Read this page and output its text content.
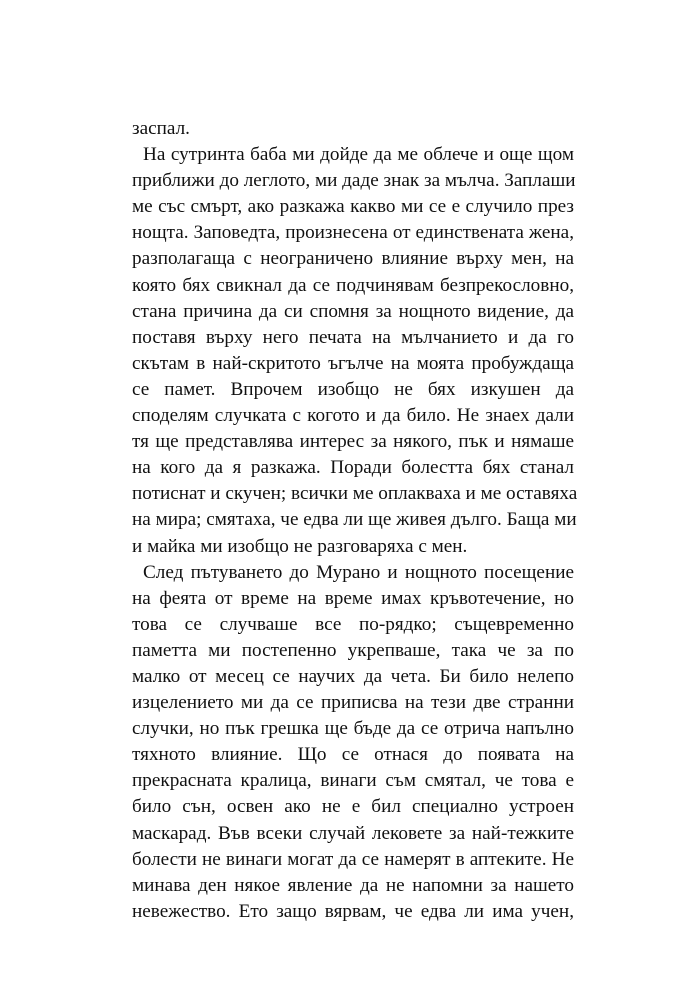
заспал.
На сутринта баба ми дойде да ме облече и още щом
приближи до леглото, ми даде знак за мълча. Заплаши
ме със смърт, ако разкажа какво ми се е случило през
нощта. Заповедта, произнесена от единствената жена,
разполагаща с неограничено влияние върху мен, на
която бях свикнал да се подчинявам безпрекословно,
стана причина да си спомня за нощното видение, да
поставя върху него печата на мълчанието и да го
скътам в най-скритото ъгълче на моята пробуждаща
се памет. Впрочем изобщо не бях изкушен да
споделям случката с когото и да било. Не знаех дали
тя ще представлява интерес за някого, пък и нямаше
на кого да я разкажа. Поради болестта бях станал
потиснат и скучен; всички ме оплакваха и ме оставяха
на мира; смятаха, че едва ли ще живея дълго. Баща ми
и майка ми изобщо не разговаряха с мен.
След пътуването до Мурано и нощното посещение
на феята от време на време имах кръвотечение, но
това се случваше все по-рядко; същевременно
паметта ми постепенно укрепваше, така че за по
малко от месец се научих да чета. Би било нелепо
изцелението ми да се приписва на тези две странни
случки, но пък грешка ще бъде да се отрича напълно
тяхното влияние. Що се отнася до появата на
прекрасната кралица, винаги съм смятал, че това е
било сън, освен ако не е бил специално устроен
маскарад. Във всеки случай лековете за най-тежките
болести не винаги могат да се намерят в аптеките. Не
минава ден някое явление да не напомни за нашето
невежество. Ето защо вярвам, че едва ли има учен,
